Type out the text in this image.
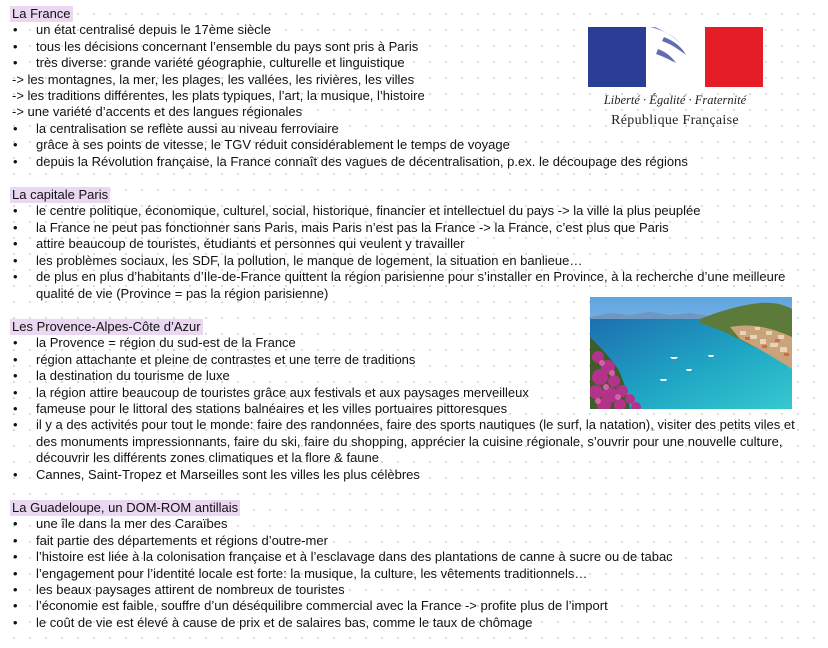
La France
• un état centralisé depuis le 17ème siècle
• tous les décisions concernant l’ensemble du pays sont pris à Paris
• très diverse: grande variété géographie, culturelle et linguistique
-> les montagnes, la mer, les plages, les vallées, les rivières, les villes
-> les traditions différentes, les plats typiques, l’art, la musique, l’histoire
-> une variété d’accents et des langues régionales
• la centralisation se reflète aussi au niveau ferroviaire
• grâce à ses points de vitesse, le TGV réduit considérablement le temps de voyage
• depuis la Révolution française, la France connaît des vagues de décentralisation, p.ex. le découpage des régions
La capitale Paris
• le centre politique, économique, culturel, social, historique, financier et intellectuel du pays -> la ville la plus peuplée
• la France ne peut pas fonctionner sans Paris, mais Paris n’est pas la France -> la France, c’est plus que Paris
• attire beaucoup de touristes, étudiants et personnes qui veulent y travailler
• les problèmes sociaux, les SDF, la pollution, le manque de logement, la situation en banlieue…
• de plus en plus d’habitants d’Ile-de-France quittent la région parisienne pour s’installer en Province, à la recherche d’une meilleure qualité de vie (Province = pas la région parisienne)
Les Provence-Alpes-Côte d’Azur
• la Provence = région du sud-est de la France
• région attachante et pleine de contrastes et une terre de traditions
• la destination du tourisme de luxe
• la région attire beaucoup de touristes grâce aux festivals et aux paysages merveilleux
• fameuse pour le littoral des stations balnéaires et les villes portuaires pittoresques
• il y a des activités pour tout le monde: faire des randonnées, faire des sports nautiques (le surf, la natation), visiter des petits viles et des monuments impressionnants, faire du ski, faire du shopping, apprécier la cuisine régionale, s’ouvrir pour une nouvelle culture, découvrir les différents zones climatiques et la flore & faune
• Cannes, Saint-Tropez et Marseilles sont les villes les plus célèbres
La Guadeloupe, un DOM-ROM antillais
• une île dans la mer des Caraïbes
• fait partie des départements et régions d’outre-mer
• l’histoire est liée à la colonisation française et à l’esclavage dans des plantations de canne à sucre ou de tabac
• l’engagement pour l’identité locale est forte: la musique, la culture, les vêtements traditionnels…
• les beaux paysages attirent de nombreux de touristes
• l’économie est faible, souffre d’un déséquilibre commercial avec la France -> profite plus de l’import
• le coût de vie est élevé à cause de prix et de salaires bas, comme le taux de chômage
Liberté · Égalité · Fraternité
République Française
